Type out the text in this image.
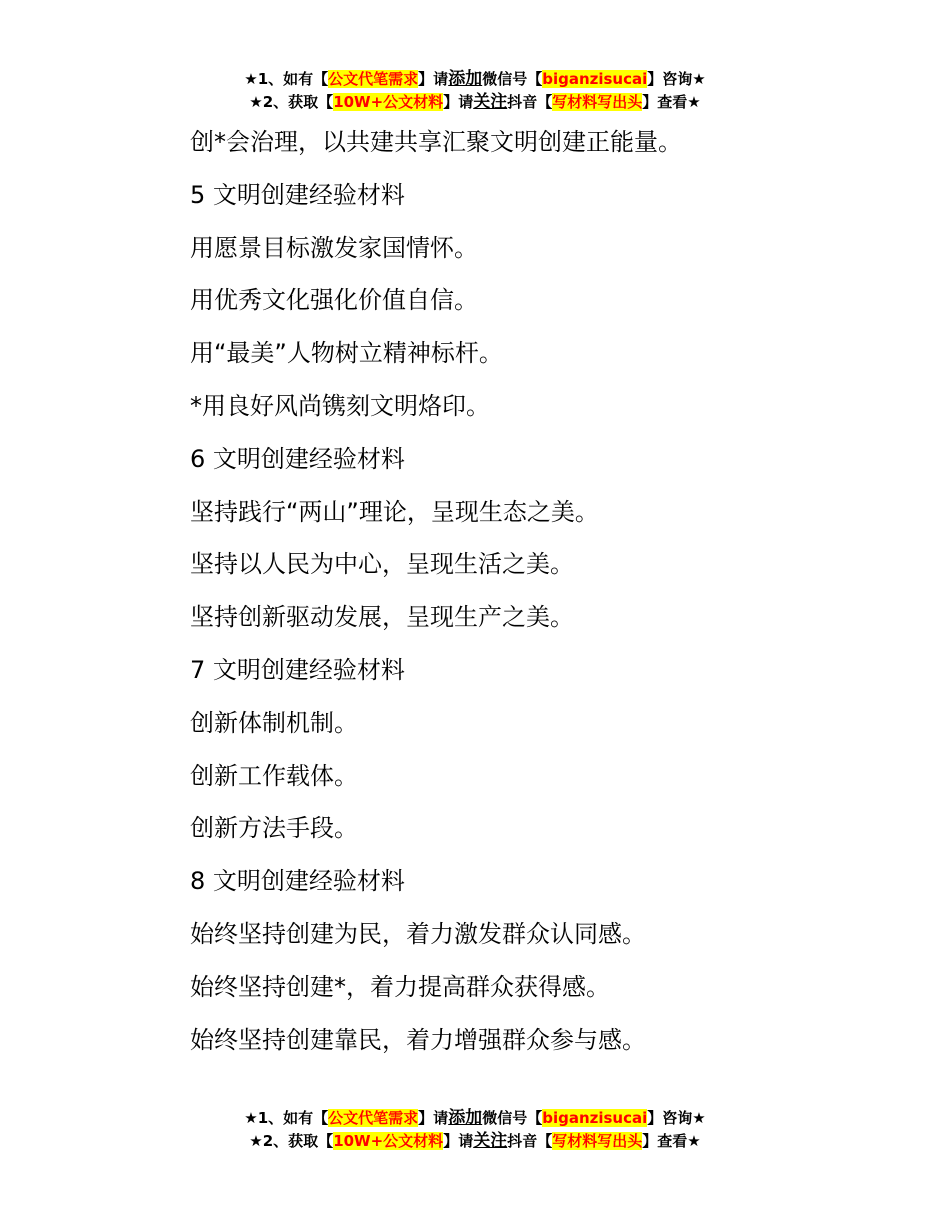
★1、如有【公文代笔需求】请添加微信号【biganzisucai】咨询★
★2、获取【10W+公文材料】请关注抖音【写材料写出头】查看★
创*会治理，以共建共享汇聚文明创建正能量。
5 文明创建经验材料
用愿景目标激发家国情怀。
用优秀文化强化价值自信。
用“最美”人物树立精神标杆。
*用良好风尚镌刻文明烙印。
6 文明创建经验材料
坚持践行“两山”理论，呈现生态之美。
坚持以人民为中心，呈现生活之美。
坚持创新驱动发展，呈现生产之美。
7 文明创建经验材料
创新体制机制。
创新工作载体。
创新方法手段。
8 文明创建经验材料
始终坚持创建为民，着力激发群众认同感。
始终坚持创建*，着力提高群众获得感。
始终坚持创建靠民，着力增强群众参与感。
★1、如有【公文代笔需求】请添加微信号【biganzisucai】咨询★
★2、获取【10W+公文材料】请关注抖音【写材料写出头】查看★
